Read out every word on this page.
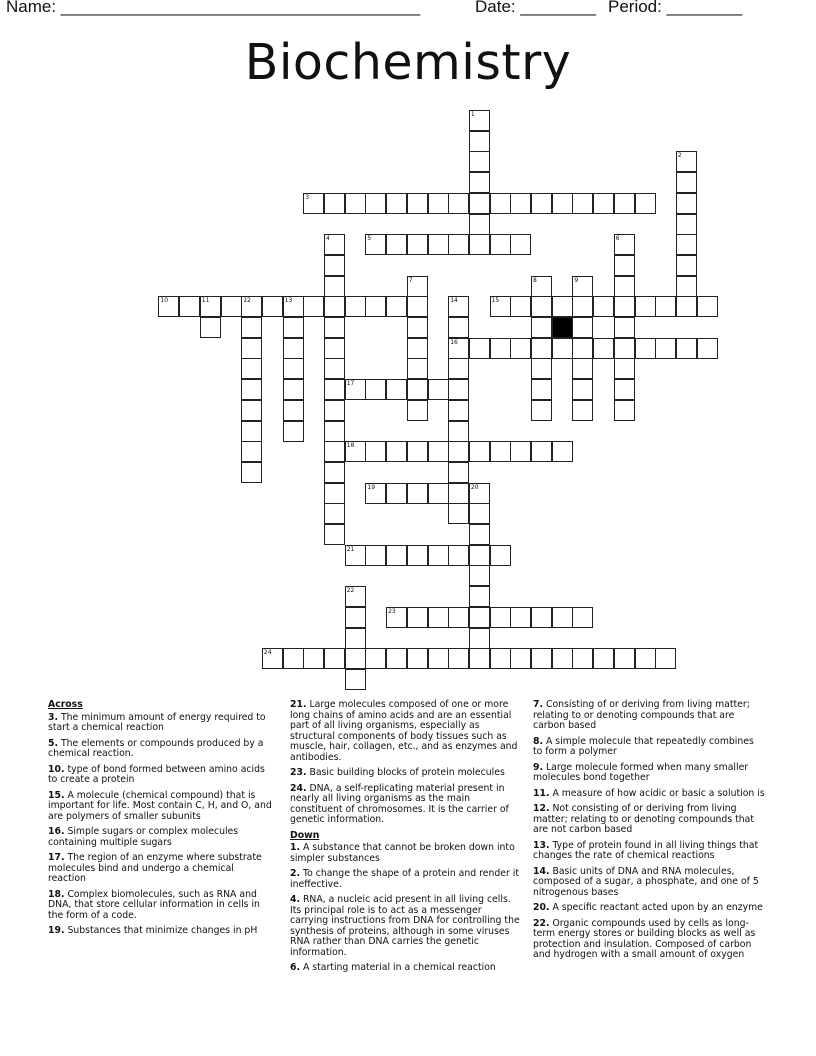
Name: ______________________________________	Date: ________ Period: ________
Biochemistry
1
2
3
4	5	6
7	8	9
10	11	12	13	14
16
15
17
18
19	20
21
22
23
24
Across
3. The minimum amount of energy required to start a chemical reaction
5. The elements or compounds produced by a chemical reaction.
10. type of bond formed between amino acids to create a protein
15. A molecule (chemical compound) that is important for life. Most contain C, H, and O, and are polymers of smaller subunits
16. Simple sugars or complex molecules containing multiple sugars
17. The region of an enzyme where substrate molecules bind and undergo a chemical reaction
18. Complex biomolecules, such as RNA and DNA, that store cellular information in cells in the form of a code.
19. Substances that minimize changes in pH
21. Large molecules composed of one or more long chains of amino acids and are an essential part of all living organisms, especially as structural components of body tissues such as muscle, hair, collagen, etc., and as enzymes and antibodies.
23. Basic building blocks of protein molecules
24. DNA, a self-replicating material present in nearly all living organisms as the main constituent of chromosomes. It is the carrier of genetic information.
Down
1. A substance that cannot be broken down into simpler substances
2. To change the shape of a protein and render it ineffective.
4. RNA, a nucleic acid present in all living cells. Its principal role is to act as a messenger carrying instructions from DNA for controlling the synthesis of proteins, although in some viruses RNA rather than DNA carries the genetic information.
6. A starting material in a chemical reaction
7. Consisting of or deriving from living matter; relating to or denoting compounds that are carbon based
8. A simple molecule that repeatedly combines to form a polymer
9. Large molecule formed when many smaller molecules bond together
11. A measure of how acidic or basic a solution is
12. Not consisting of or deriving from living matter; relating to or denoting compounds that are not carbon based
13. Type of protein found in all living things that changes the rate of chemical reactions
14. Basic units of DNA and RNA molecules, composed of a sugar, a phosphate, and one of 5 nitrogenous bases
20. A specific reactant acted upon by an enzyme
22. Organic compounds used by cells as long-term energy stores or building blocks as well as protection and insulation. Composed of carbon and hydrogen with a small amount of oxygen
